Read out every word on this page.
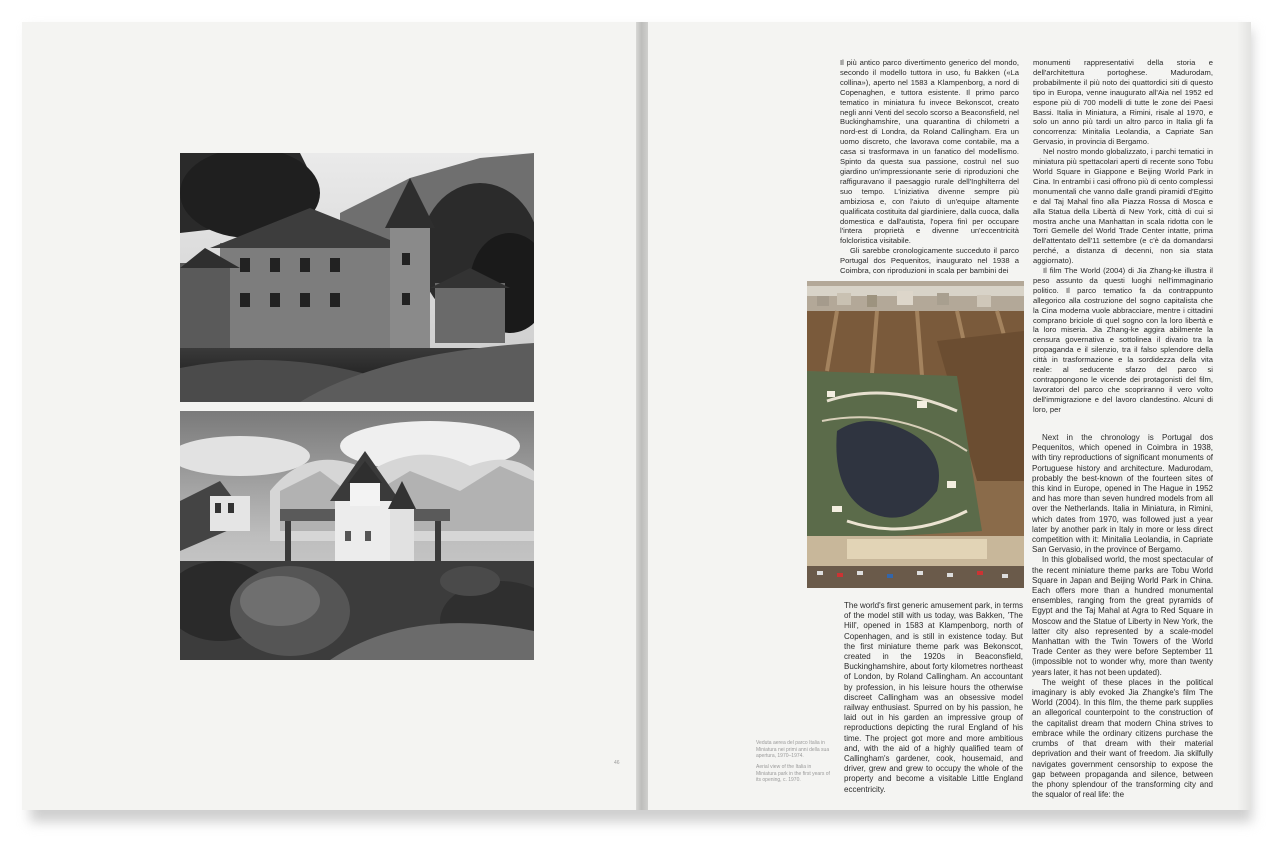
46

Il più antico parco divertimento generico del mondo, secondo il modello tuttora in uso, fu Bakken («La collina»), aperto nel 1583 a Klampenborg, a nord di Copenaghen, e tuttora esistente. Il primo parco tematico in miniatura fu invece Bekonscot, creato negli anni Venti del secolo scorso a Beaconsfield, nel Buckinghamshire, una quarantina di chilometri a nord-est di Londra, da Roland Callingham. Era un uomo discreto, che lavorava come contabile, ma a casa si trasformava in un fanatico del modellismo. Spinto da questa sua passione, costruì nel suo giardino un'impressionante serie di riproduzioni che raffiguravano il paesaggio rurale dell'Inghilterra del suo tempo. L'iniziativa divenne sempre più ambiziosa e, con l'aiuto di un'equipe altamente qualificata costituita dal giardiniere, dalla cuoca, dalla domestica e dall'autista, l'opera finì per occupare l'intera proprietà e divenne un'eccentricità folcloristica visitabile.

Gli sarebbe cronologicamente succeduto il parco Portugal dos Pequenitos, inaugurato nel 1938 a Coimbra, con riproduzioni in scala per bambini dei

monumenti rappresentativi della storia e dell'architettura portoghese. Madurodam, probabilmente il più noto dei quattordici siti di questo tipo in Europa, venne inaugurato all'Aia nel 1952 ed espone più di 700 modelli di tutte le zone dei Paesi Bassi. Italia in Miniatura, a Rimini, risale al 1970, e solo un anno più tardi un altro parco in Italia gli fa concorrenza: Minitalia Leolandia, a Capriate San Gervasio, in provincia di Bergamo.

Nel nostro mondo globalizzato, i parchi tematici in miniatura più spettacolari aperti di recente sono Tobu World Square in Giappone e Beijing World Park in Cina. In entrambi i casi offrono più di cento complessi monumentali che vanno dalle grandi piramidi d'Egitto e dal Taj Mahal fino alla Piazza Rossa di Mosca e alla Statua della Libertà di New York, città di cui si mostra anche una Manhattan in scala ridotta con le Torri Gemelle del World Trade Center intatte, prima dell'attentato dell'11 settembre (e c'è da domandarsi perché, a distanza di decenni, non sia stata aggiornato).

Il film The World (2004) di Jia Zhang-ke illustra il peso assunto da questi luoghi nell'immaginario politico. Il parco tematico fa da contrappunto allegorico alla costruzione del sogno capitalista che la Cina moderna vuole abbracciare, mentre i cittadini comprano briciole di quel sogno con la loro libertà e la loro miseria. Jia Zhang-ke aggira abilmente la censura governativa e sottolinea il divario tra la propaganda e il silenzio, tra il falso splendore della città in trasformazione e la sordidezza della vita reale: al seducente sfarzo del parco si contrappongono le vicende dei protagonisti del film, lavoratori del parco che scopriranno il vero volto dell'immigrazione e del lavoro clandestino. Alcuni di loro, per

Next in the chronology is Portugal dos Pequenitos, which opened in Coimbra in 1938, with tiny reproductions of significant monuments of Portuguese history and architecture. Madurodam, probably the best-known of the fourteen sites of this kind in Europe, opened in The Hague in 1952 and has more than seven hundred models from all over the Netherlands. Italia in Miniatura, in Rimini, which dates from 1970, was followed just a year later by another park in Italy in more or less direct competition with it: Minitalia Leolandia, in Capriate San Gervasio, in the province of Bergamo.

In this globalised world, the most spectacular of the recent miniature theme parks are Tobu World Square in Japan and Beijing World Park in China. Each offers more than a hundred monumental ensembles, ranging from the great pyramids of Egypt and the Taj Mahal at Agra to Red Square in Moscow and the Statue of Liberty in New York, the latter city also represented by a scale-model Manhattan with the Twin Towers of the World Trade Center as they were before September 11 (impossible not to wonder why, more than twenty years later, it has not been updated).

The weight of these places in the political imaginary is ably evoked Jia Zhangke's film The World (2004). In this film, the theme park supplies an allegorical counterpoint to the construction of the capitalist dream that modern China strives to embrace while the ordinary citizens purchase the crumbs of that dream with their material deprivation and their want of freedom. Jia skilfully navigates government censorship to expose the gap between propaganda and silence, between the phony splendour of the transforming city and the squalor of real life: the

The world's first generic amusement park, in terms of the model still with us today, was Bakken, 'The Hill', opened in 1583 at Klampenborg, north of Copenhagen, and is still in existence today. But the first miniature theme park was Bekonscot, created in the 1920s in Beaconsfield, Buckinghamshire, about forty kilometres northeast of London, by Roland Callingham. An accountant by profession, in his leisure hours the otherwise discreet Callingham was an obsessive model railway enthusiast. Spurred on by his passion, he laid out in his garden an impressive group of reproductions depicting the rural England of his time. The project got more and more ambitious and, with the aid of a highly qualified team of Callingham's gardener, cook, housemaid, and driver, grew and grew to occupy the whole of the property and become a visitable Little England eccentricity.

Veduta aerea del parco Italia in Miniatura nei primi anni della sua apertura, 1970–1974.
Aerial view of the Italia in Miniatura park in the first years of its opening, c. 1970.
